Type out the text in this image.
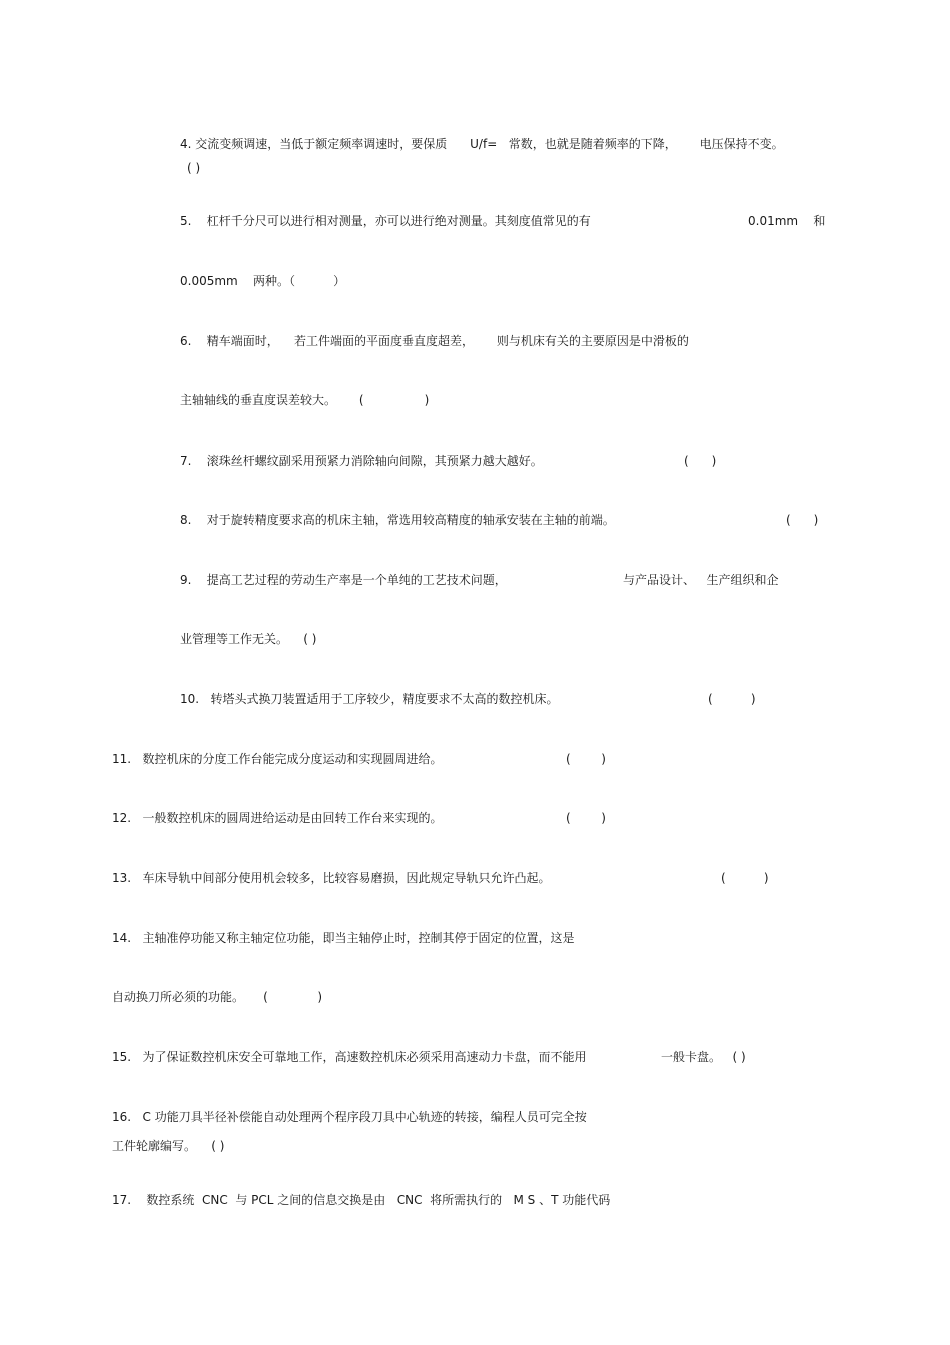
4. 交流变频调速，当低于额定频率调速时，要保质      U/f=   常数，也就是随着频率的下降，      电压保持不变。
( )
5.    杠杆千分尺可以进行相对测量，亦可以进行绝对测量。其刻度值常见的有	0.01mm    和
0.005mm    两种。（          ）
6.    精车端面时，    若工件端面的平面度垂直度超差，      则与机床有关的主要原因是中滑板的
主轴轴线的垂直度误差较大。      (                )
7.    滚珠丝杆螺纹副采用预紧力消除轴向间隙，其预紧力越大越好。	(      )
8.    对于旋转精度要求高的机床主轴，常选用较高精度的轴承安装在主轴的前端。	(      )
9.    提高工艺过程的劳动生产率是一个单纯的工艺技术问题，	与产品设计、   生产组织和企
业管理等工作无关。    ( )
10.   转塔头式换刀装置适用于工序较少，精度要求不太高的数控机床。	(          )
11.   数控机床的分度工作台能完成分度运动和实现圆周进给。	(        )
12.   一般数控机床的圆周进给运动是由回转工作台来实现的。	(        )
13.   车床导轨中间部分使用机会较多，比较容易磨损，因此规定导轨只允许凸起。	(          )
14.   主轴准停功能又称主轴定位功能，即当主轴停止时，控制其停于固定的位置，这是
自动换刀所必须的功能。     (             )
15.   为了保证数控机床安全可靠地工作，高速数控机床必须采用高速动力卡盘，而不能用	一般卡盘。   ( )
16.   C 功能刀具半径补偿能自动处理两个程序段刀具中心轨迹的转接，编程人员可完全按
工件轮廓编写。    ( )
17.    数控系统  CNC  与 PCL 之间的信息交换是由   CNC  将所需执行的   M S 、T 功能代码
